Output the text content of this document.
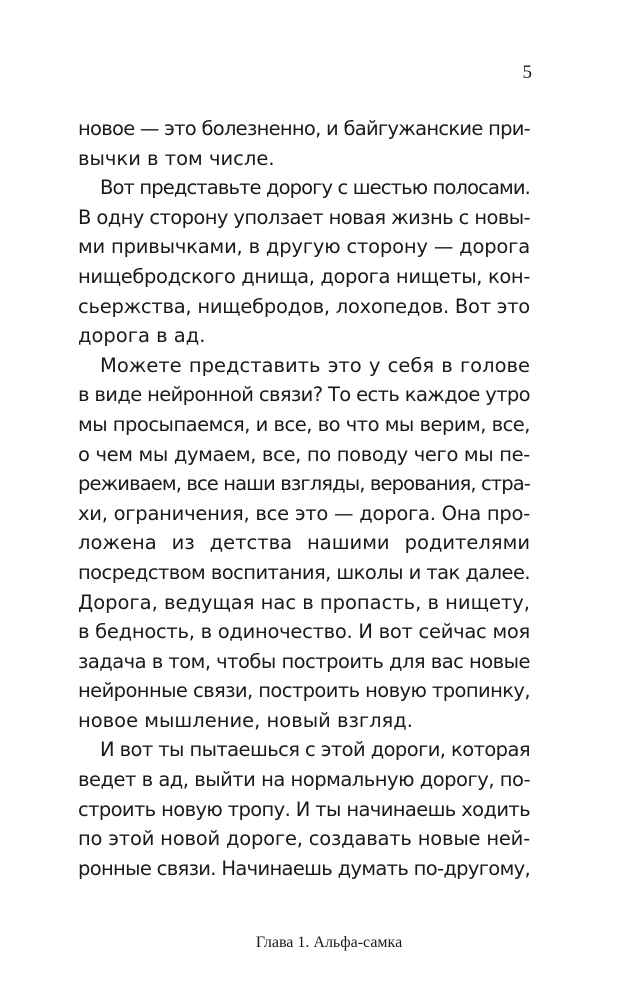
5
новое — это болезненно, и байгужанские при-
вычки в том числе.
Вот представьте дорогу с шестью полосами.
В одну сторону уползает новая жизнь с новы-
ми привычками, в другую сторону — дорога
нищебродского днища, дорога нищеты, кон-
сьержства, нищебродов, лохопедов. Вот это
дорога в ад.
Можете представить это у себя в голове
в виде нейронной связи? То есть каждое утро
мы просыпаемся, и все, во что мы верим, все,
о чем мы думаем, все, по поводу чего мы пе-
реживаем, все наши взгляды, верования, стра-
хи, ограничения, все это — дорога. Она про-
ложена из детства нашими родителями
посредством воспитания, школы и так далее.
Дорога, ведущая нас в пропасть, в нищету,
в бедность, в одиночество. И вот сейчас моя
задача в том, чтобы построить для вас новые
нейронные связи, построить новую тропинку,
новое мышление, новый взгляд.
И вот ты пытаешься с этой дороги, которая
ведет в ад, выйти на нормальную дорогу, по-
строить новую тропу. И ты начинаешь ходить
по этой новой дороге, создавать новые ней-
ронные связи. Начинаешь думать по-другому,
Глава 1. Альфа-самка
